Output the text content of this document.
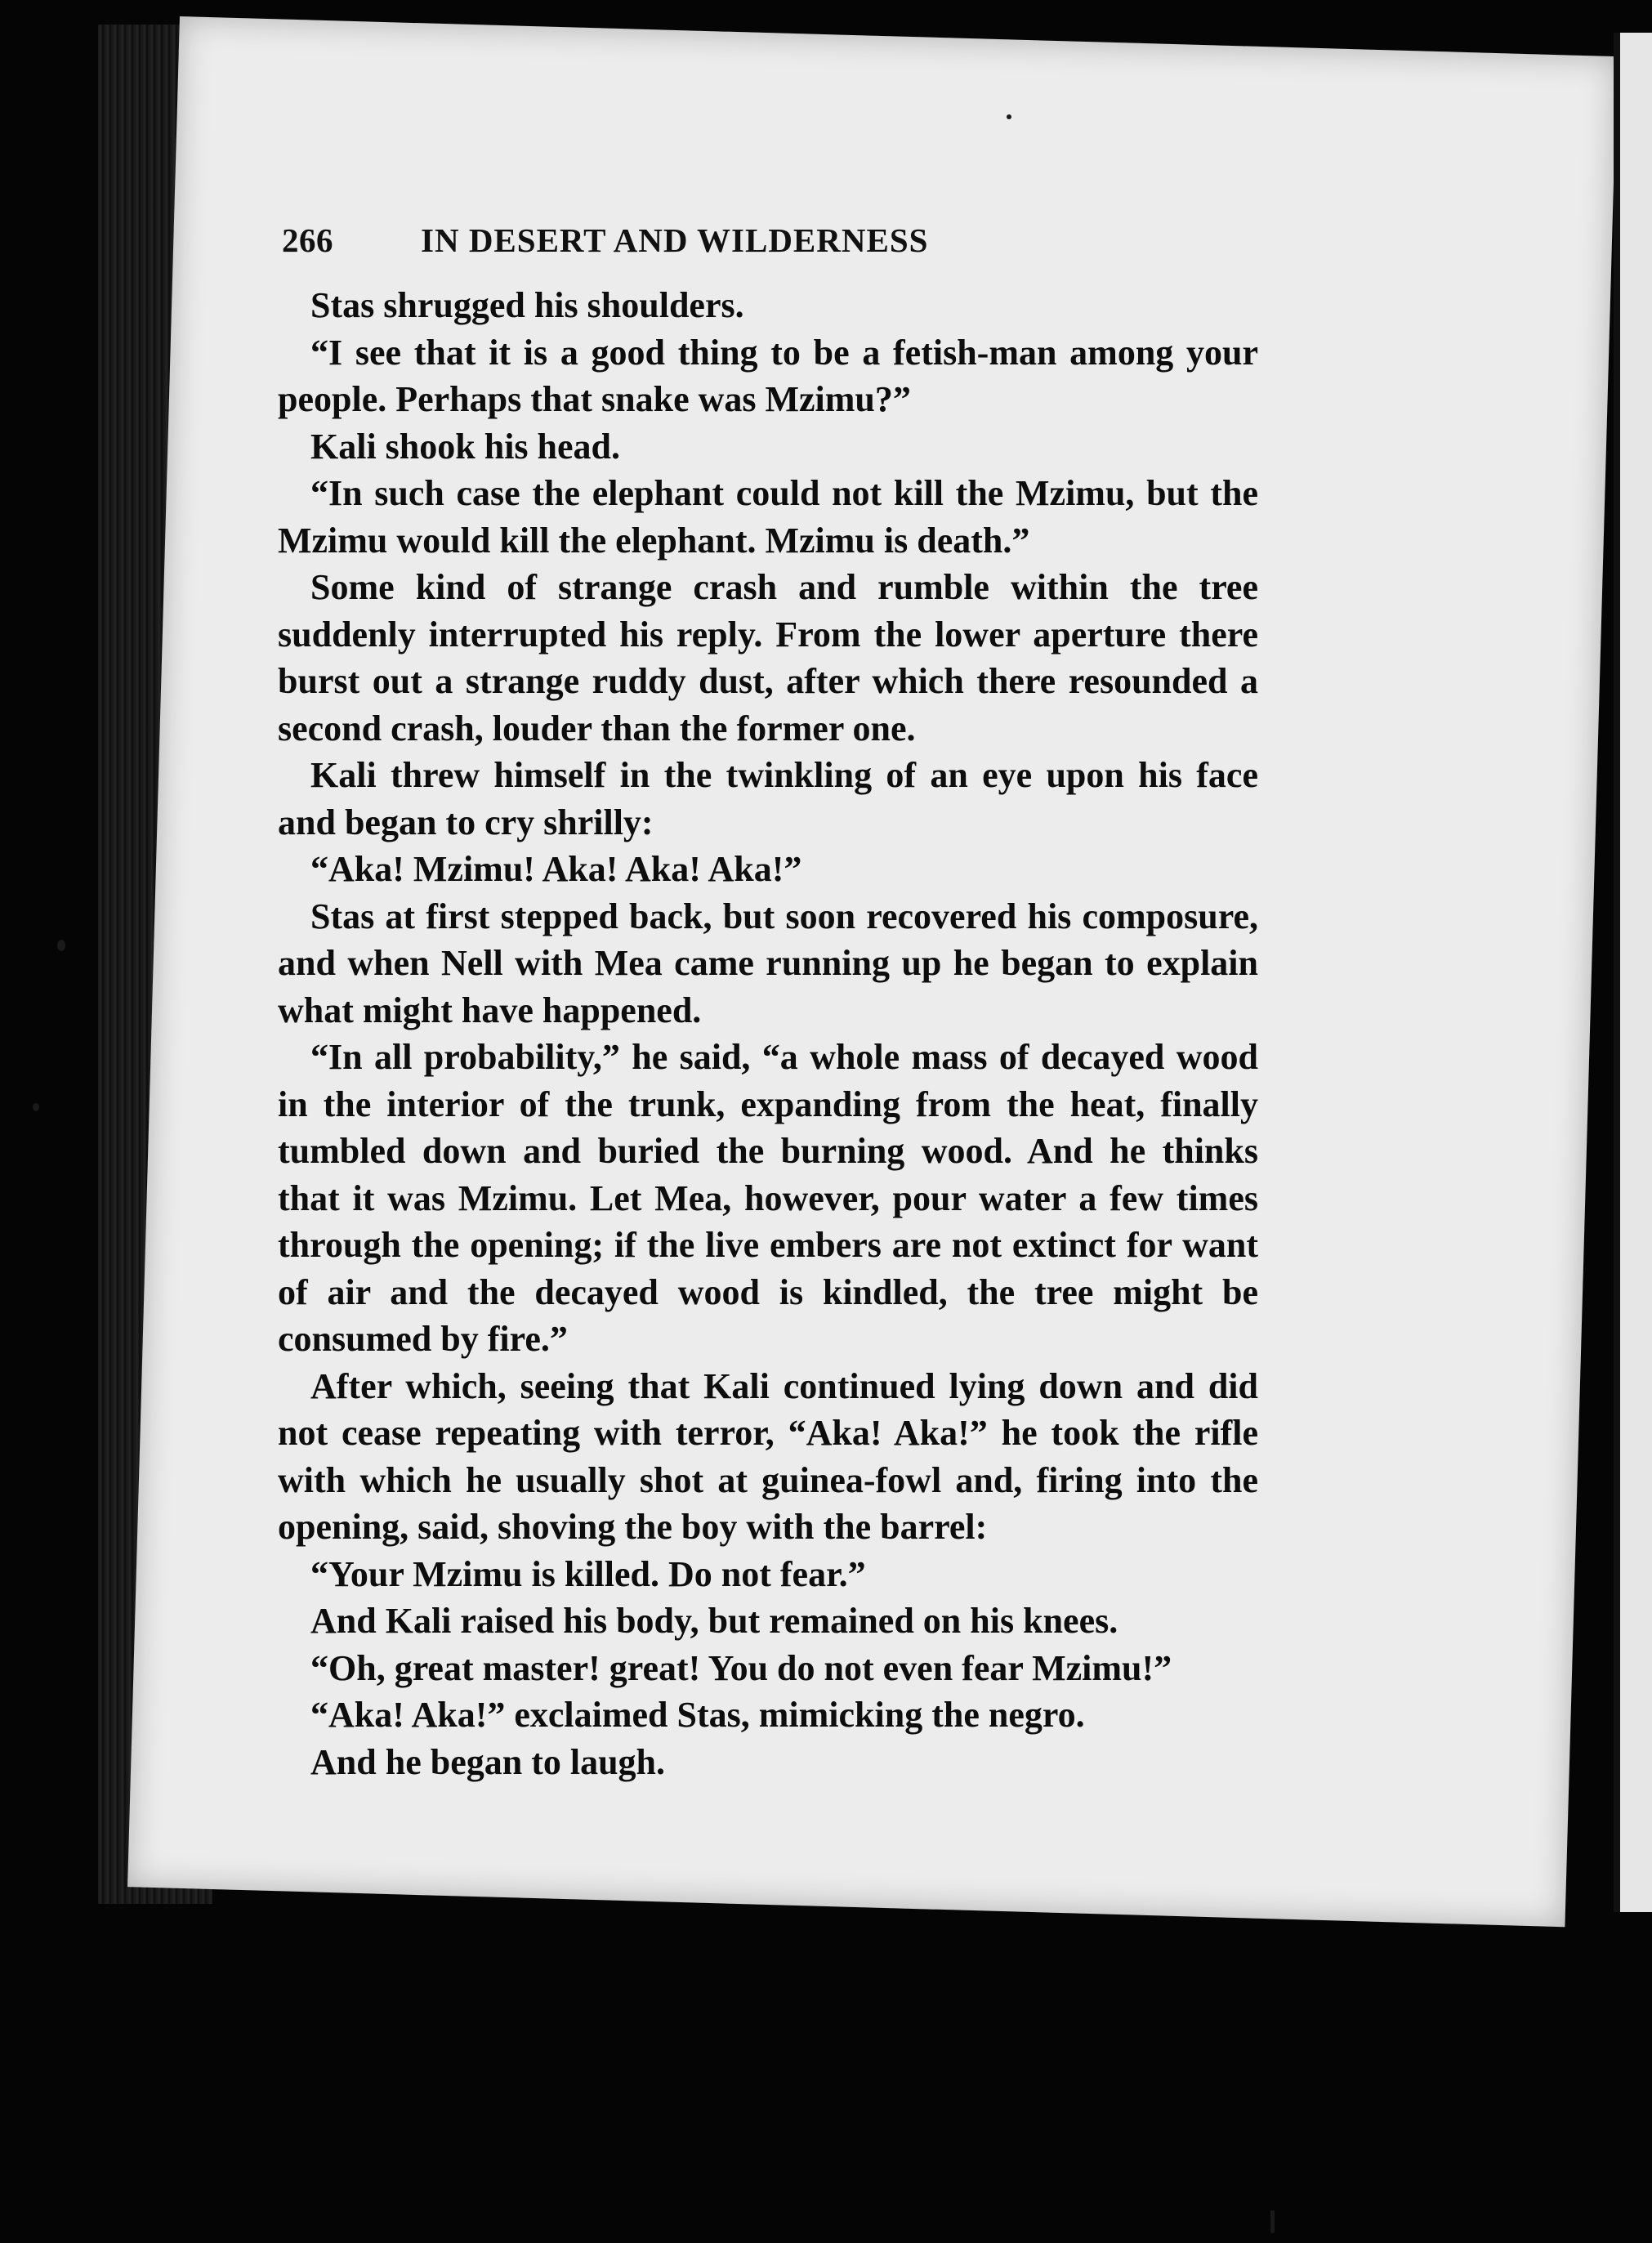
266	IN DESERT AND WILDERNESS

Stas shrugged his shoulders.

“I see that it is a good thing to be a fetish-man among your people. Perhaps that snake was Mzimu?”

Kali shook his head.

“In such case the elephant could not kill the Mzimu, but the Mzimu would kill the elephant. Mzimu is death.”

Some kind of strange crash and rumble within the tree suddenly interrupted his reply. From the lower aperture there burst out a strange ruddy dust, after which there resounded a second crash, louder than the former one.

Kali threw himself in the twinkling of an eye upon his face and began to cry shrilly:

“Aka! Mzimu! Aka! Aka! Aka!”

Stas at first stepped back, but soon recovered his composure, and when Nell with Mea came running up he began to explain what might have happened.

“In all probability,” he said, “a whole mass of decayed wood in the interior of the trunk, expanding from the heat, finally tumbled down and buried the burning wood. And he thinks that it was Mzimu. Let Mea, however, pour water a few times through the opening; if the live embers are not extinct for want of air and the decayed wood is kindled, the tree might be consumed by fire.”

After which, seeing that Kali continued lying down and did not cease repeating with terror, “Aka! Aka!” he took the rifle with which he usually shot at guinea-fowl and, firing into the opening, said, shoving the boy with the barrel:

“Your Mzimu is killed. Do not fear.”

And Kali raised his body, but remained on his knees.

“Oh, great master! great! You do not even fear Mzimu!”

“Aka! Aka!” exclaimed Stas, mimicking the negro.

And he began to laugh.
